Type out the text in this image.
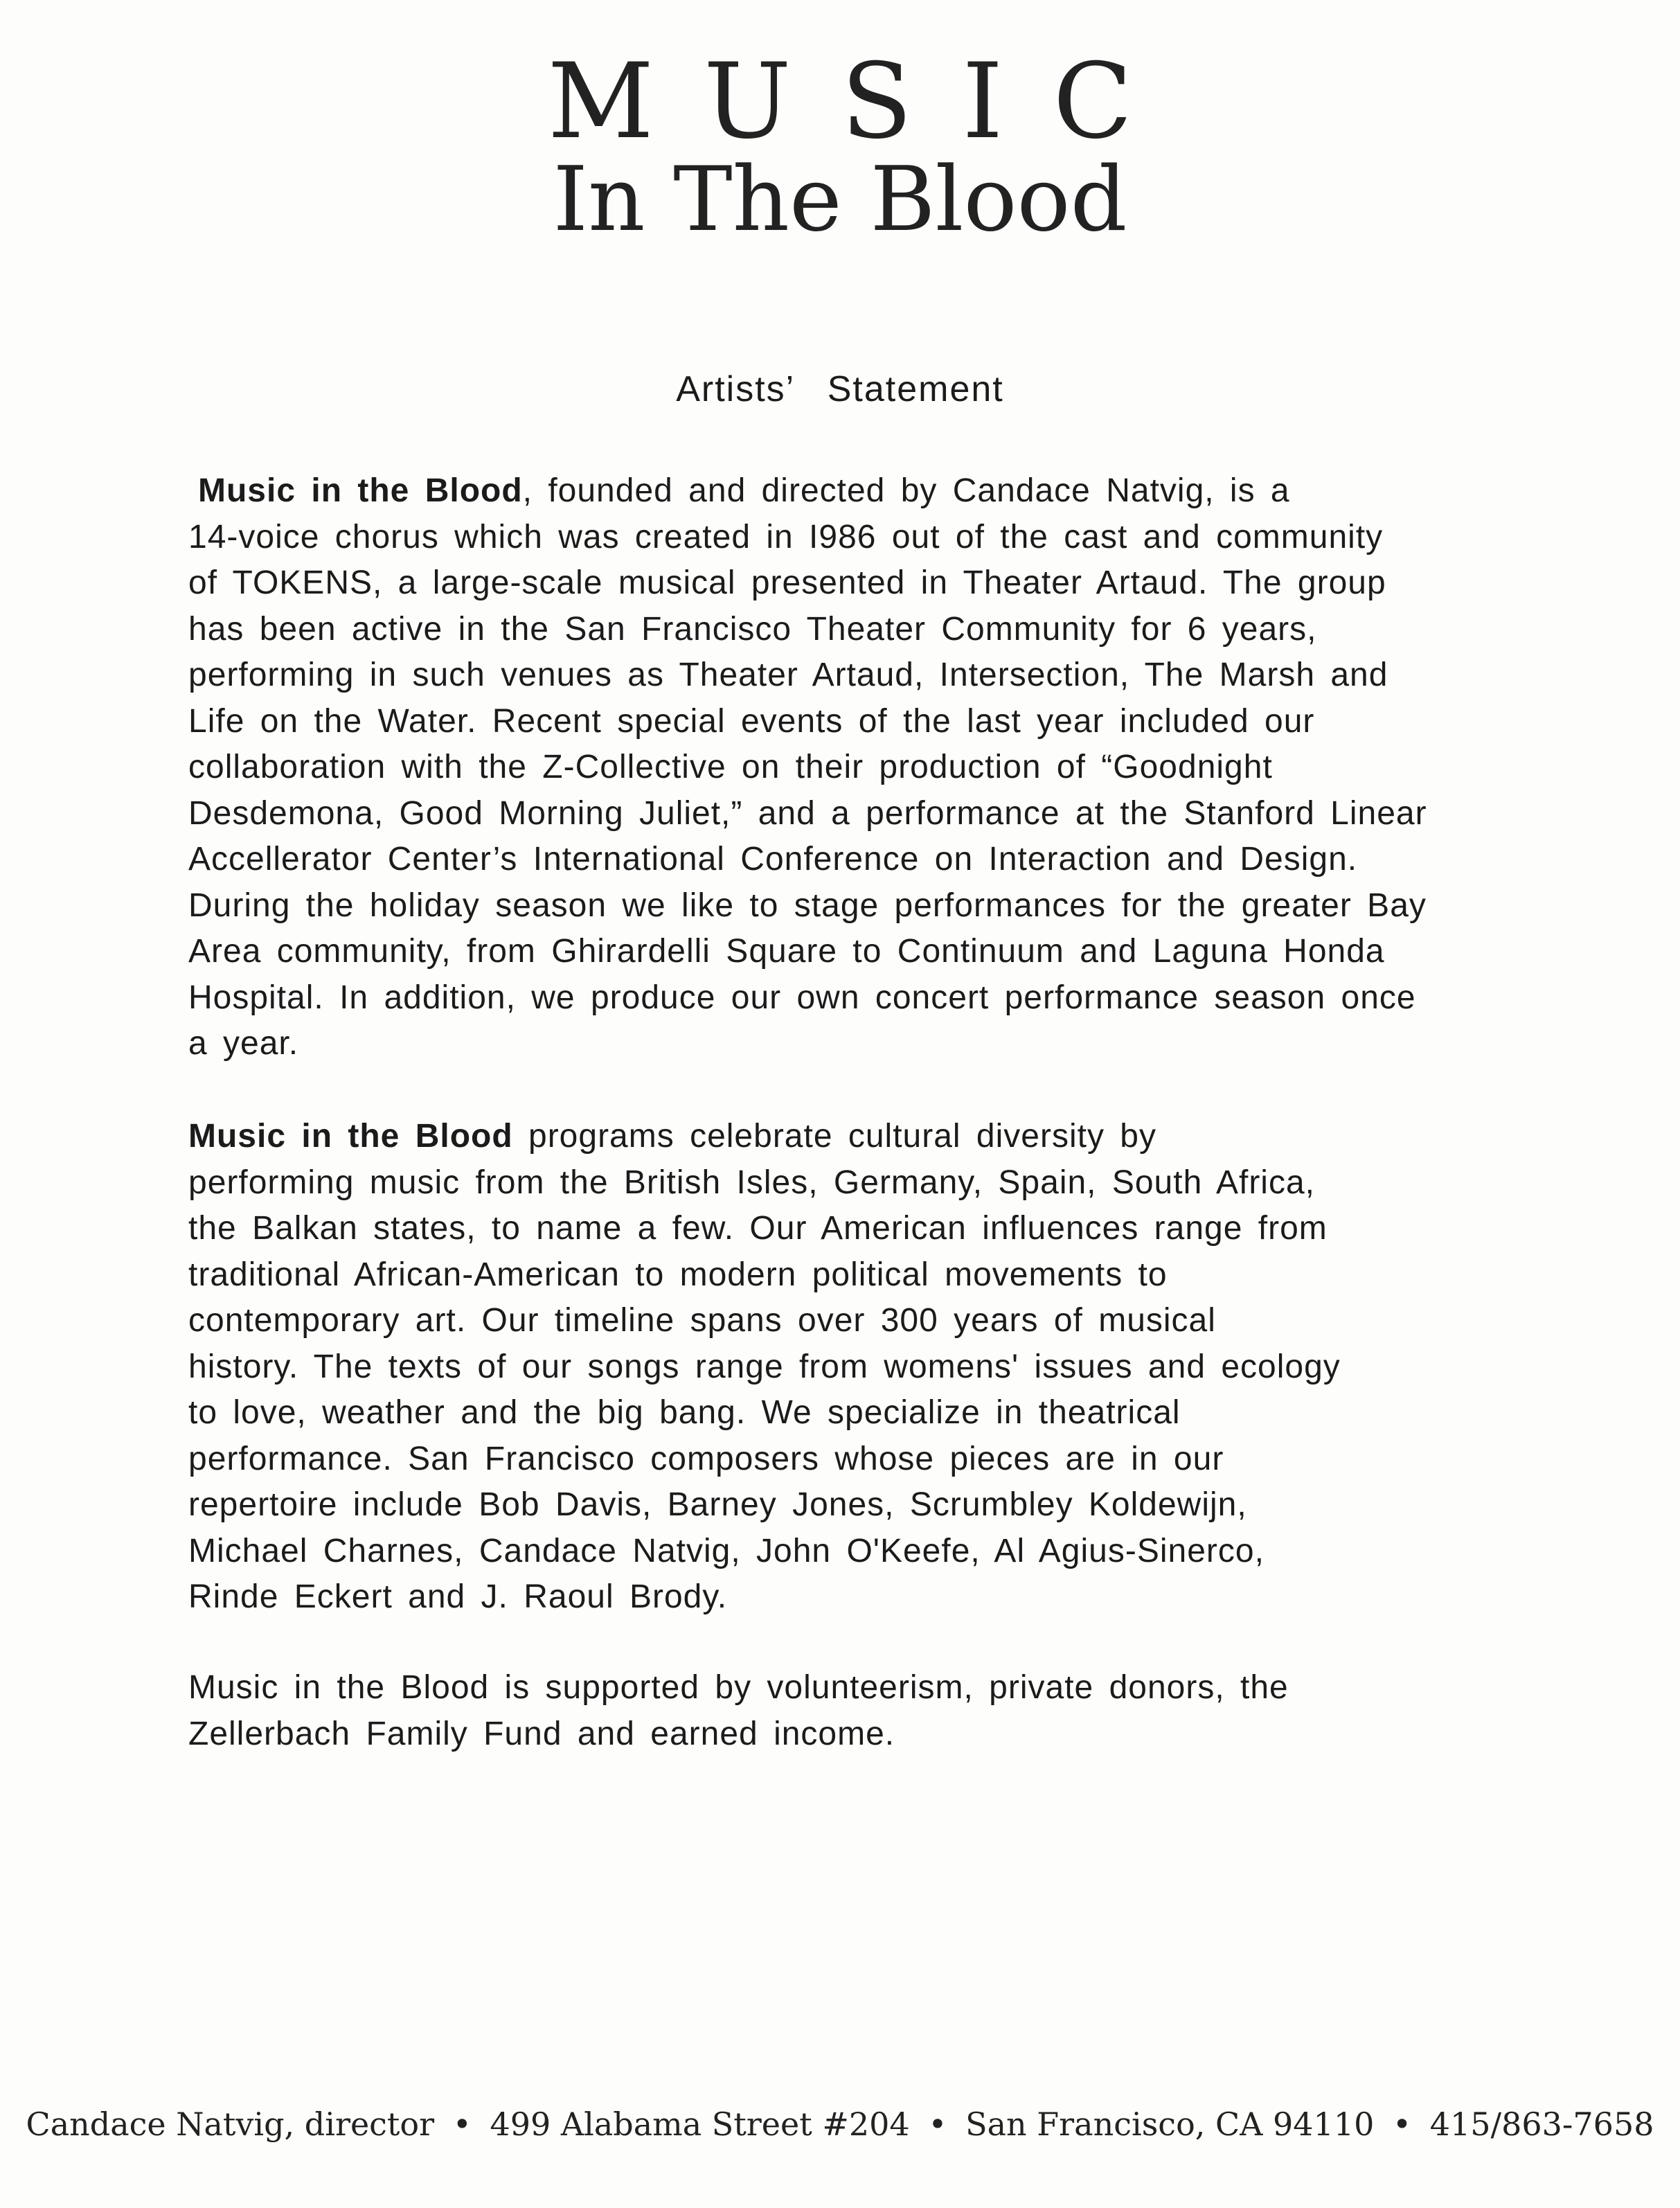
MUSIC
In The Blood
Artists’ Statement
Music in the Blood, founded and directed by Candace Natvig, is a
14-voice chorus which was created in I986 out of the cast and community
of TOKENS, a large-scale musical presented in Theater Artaud. The group
has been active in the San Francisco Theater Community for 6 years,
performing in such venues as Theater Artaud, Intersection, The Marsh and
Life on the Water. Recent special events of the last year included our
collaboration with the Z-Collective on their production of “Goodnight
Desdemona, Good Morning Juliet,” and a performance at the Stanford Linear
Accellerator Center’s International Conference on Interaction and Design.
During the holiday season we like to stage performances for the greater Bay
Area community, from Ghirardelli Square to Continuum and Laguna Honda
Hospital. In addition, we produce our own concert performance season once
a year.
Music in the Blood programs celebrate cultural diversity by
performing music from the British Isles, Germany, Spain, South Africa,
the Balkan states, to name a few. Our American influences range from
traditional African-American to modern political movements to
contemporary art. Our timeline spans over 300 years of musical
history. The texts of our songs range from womens' issues and ecology
to love, weather and the big bang. We specialize in theatrical
performance. San Francisco composers whose pieces are in our
repertoire include Bob Davis, Barney Jones, Scrumbley Koldewijn,
Michael Charnes, Candace Natvig, John O'Keefe, Al Agius-Sinerco,
Rinde Eckert and J. Raoul Brody.
Music in the Blood is supported by volunteerism, private donors, the
Zellerbach Family Fund and earned income.
Candace Natvig, director • 499 Alabama Street #204 • San Francisco, CA 94110 • 415/863-7658
